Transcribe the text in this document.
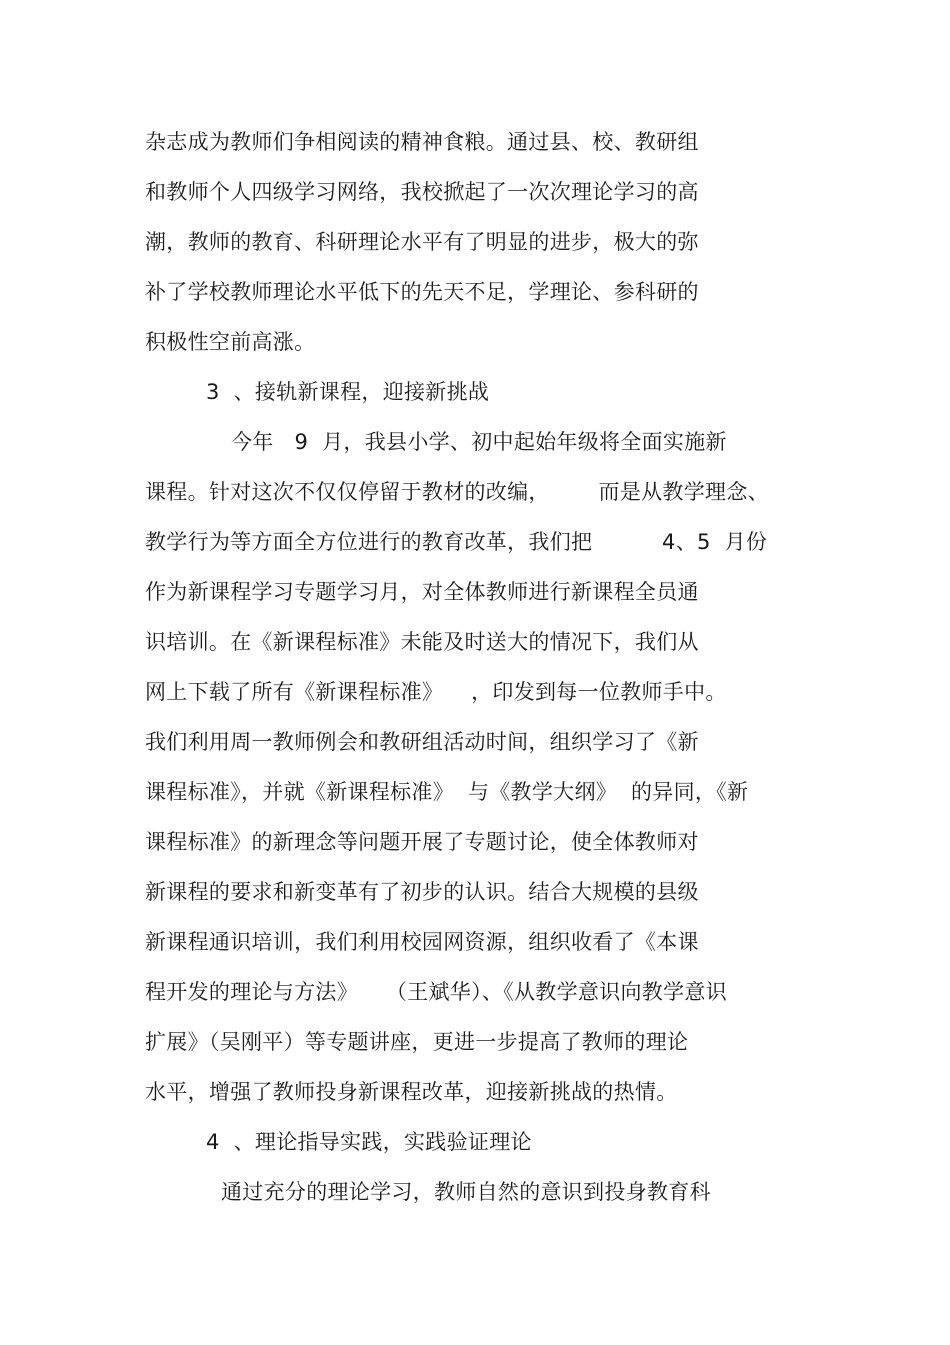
杂志成为教师们争相阅读的精神食粮。通过县、校、教研组
和教师个人四级学习网络，我校掀起了一次次理论学习的高
潮，教师的教育、科研理论水平有了明显的进步，极大的弥
补了学校教师理论水平低下的先天不足，学理论、参科研的
积极性空前高涨。
3  、接轨新课程，迎接新挑战
今年   9  月，我县小学、初中起始年级将全面实施新
课程。针对这次不仅仅停留于教材的改编，       而是从教学理念、
教学行为等方面全方位进行的教育改革，我们把          4、5  月份
作为新课程学习专题学习月，对全体教师进行新课程全员通
识培训。在《新课程标准》未能及时送大的情况下，我们从
网上下载了所有《新课程标准》    ，印发到每一位教师手中。
我们利用周一教师例会和教研组活动时间，组织学习了《新
课程标准》，并就《新课程标准》  与《教学大纲》  的异同，《新
课程标准》的新理念等问题开展了专题讨论，使全体教师对
新课程的要求和新变革有了初步的认识。结合大规模的县级
新课程通识培训，我们利用校园网资源，组织收看了《本课
程开发的理论与方法》    （王斌华）、《从教学意识向教学意识
扩展》（吴刚平）等专题讲座，更进一步提高了教师的理论
水平，增强了教师投身新课程改革，迎接新挑战的热情。
4  、理论指导实践，实践验证理论
通过充分的理论学习，教师自然的意识到投身教育科
